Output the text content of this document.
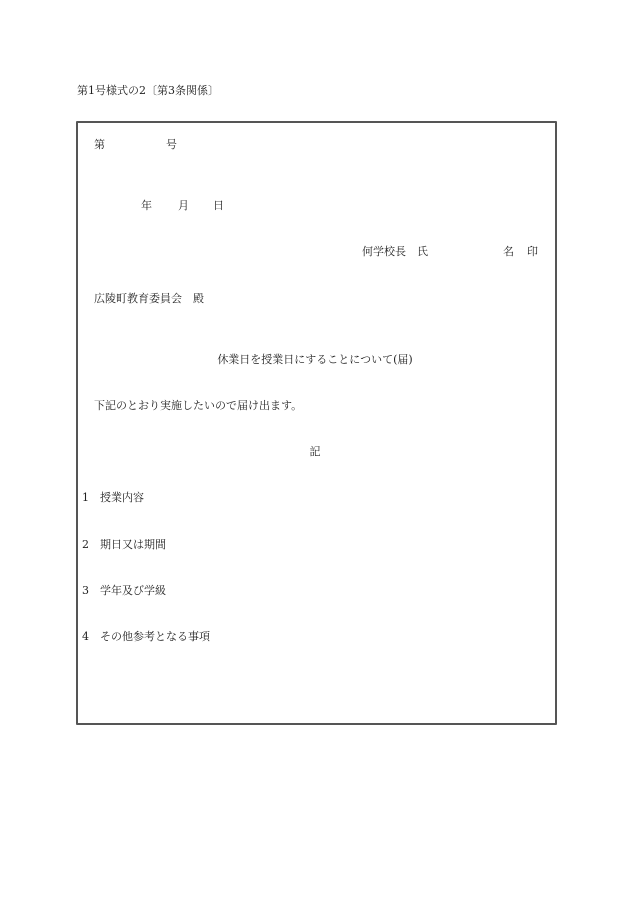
第1号様式の2〔第3条関係〕
第	号
年 月 日
何学校長　氏	名 印
広陵町教育委員会　殿
休業日を授業日にすることについて(届)
下記のとおり実施したいので届け出ます。
記
1 授業内容
2 期日又は期間
3 学年及び学級
4 その他参考となる事項
